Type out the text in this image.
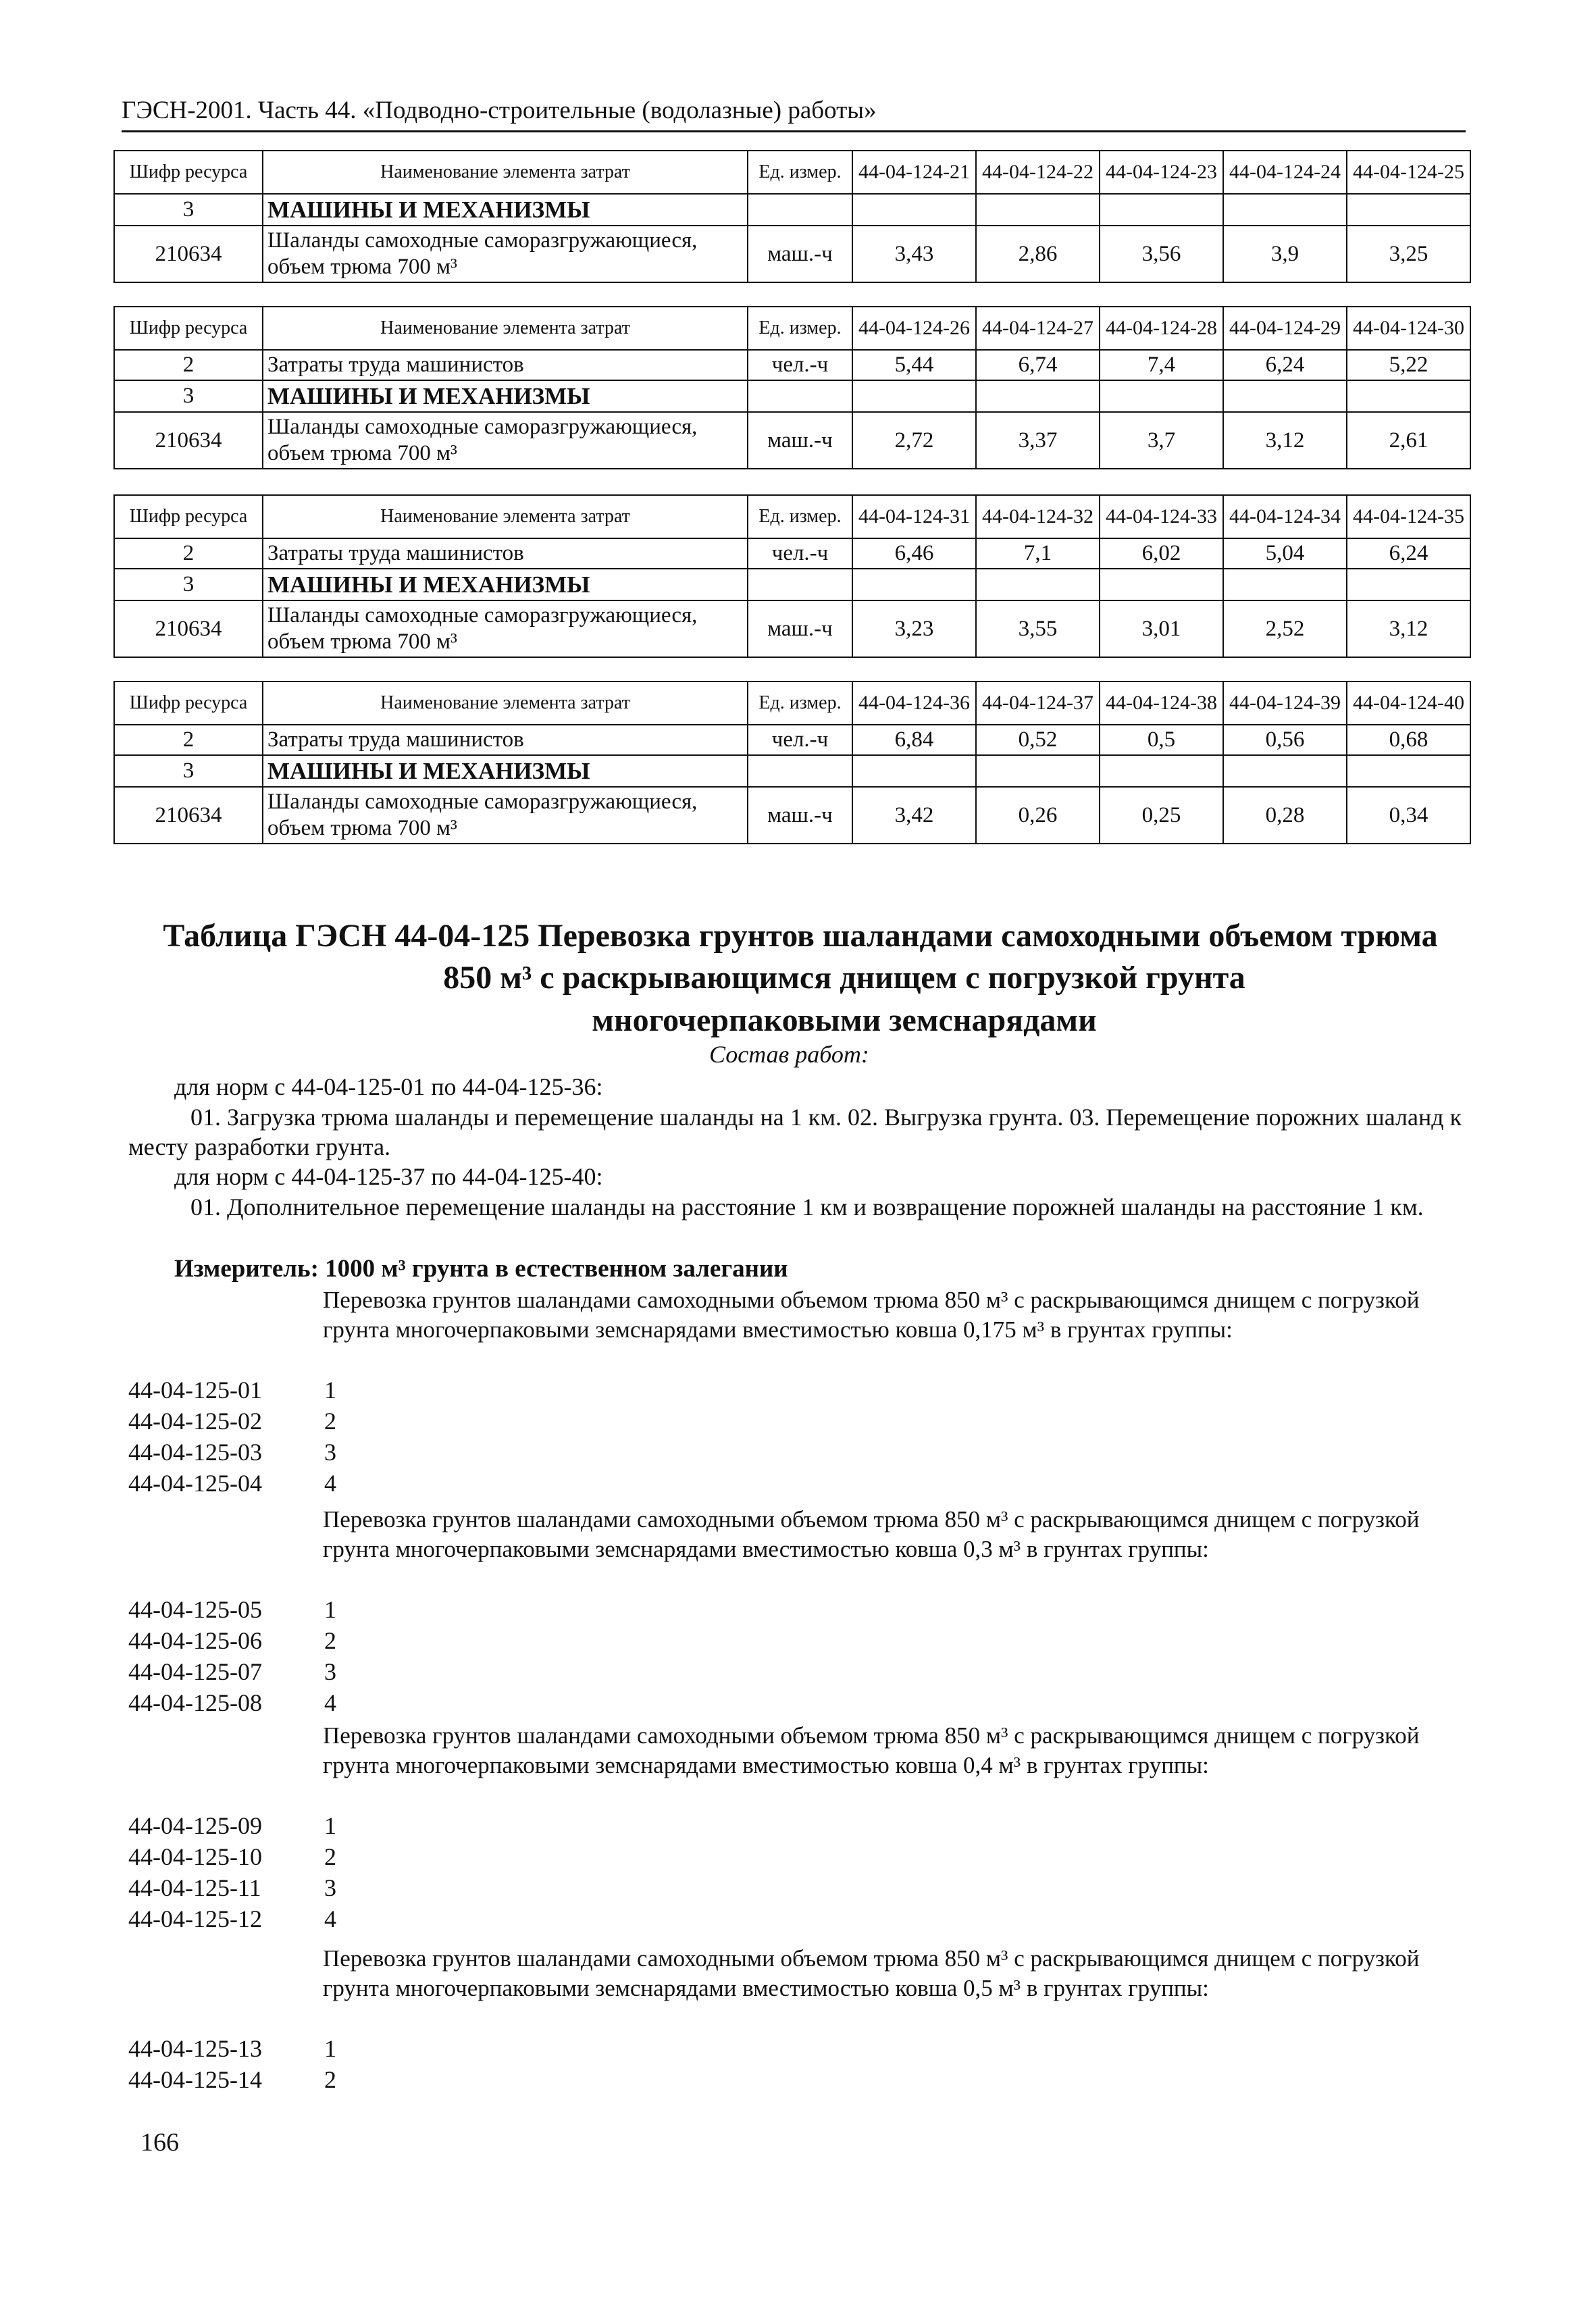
ГЭСН-2001. Часть 44. «Подводно-строительные (водолазные) работы»
Шифр ресурса	Наименование элемента затрат	Ед. измер.	44-04-124-21	44-04-124-22	44-04-124-23	44-04-124-24	44-04-124-25
3	МАШИНЫ И МЕХАНИЗМЫ						
210634	Шаланды самоходные саморазгружающиеся, объем трюма 700 м³	маш.-ч	3,43	2,86	3,56	3,9	3,25
Шифр ресурса	Наименование элемента затрат	Ед. измер.	44-04-124-26	44-04-124-27	44-04-124-28	44-04-124-29	44-04-124-30
2	Затраты труда машинистов	чел.-ч	5,44	6,74	7,4	6,24	5,22
3	МАШИНЫ И МЕХАНИЗМЫ						
210634	Шаланды самоходные саморазгружающиеся, объем трюма 700 м³	маш.-ч	2,72	3,37	3,7	3,12	2,61
Шифр ресурса	Наименование элемента затрат	Ед. измер.	44-04-124-31	44-04-124-32	44-04-124-33	44-04-124-34	44-04-124-35
2	Затраты труда машинистов	чел.-ч	6,46	7,1	6,02	5,04	6,24
3	МАШИНЫ И МЕХАНИЗМЫ						
210634	Шаланды самоходные саморазгружающиеся, объем трюма 700 м³	маш.-ч	3,23	3,55	3,01	2,52	3,12
Шифр ресурса	Наименование элемента затрат	Ед. измер.	44-04-124-36	44-04-124-37	44-04-124-38	44-04-124-39	44-04-124-40
2	Затраты труда машинистов	чел.-ч	6,84	0,52	0,5	0,56	0,68
3	МАШИНЫ И МЕХАНИЗМЫ						
210634	Шаланды самоходные саморазгружающиеся, объем трюма 700 м³	маш.-ч	3,42	0,26	0,25	0,28	0,34
Таблица ГЭСН 44-04-125 Перевозка грунтов шаландами самоходными объемом трюма
850 м³ с раскрывающимся днищем с погрузкой грунта
многочерпаковыми земснарядами
Состав работ:
для норм с 44-04-125-01 по 44-04-125-36:
01. Загрузка трюма шаланды и перемещение шаланды на 1 км. 02. Выгрузка грунта. 03. Перемещение порожних шаланд к месту разработки грунта.
для норм с 44-04-125-37 по 44-04-125-40:
01. Дополнительное перемещение шаланды на расстояние 1 км и возвращение порожней шаланды на расстояние 1 км.
Измеритель: 1000 м³ грунта в естественном залегании
Перевозка грунтов шаландами самоходными объемом трюма 850 м³ с раскрывающимся днищем с погрузкой грунта многочерпаковыми земснарядами вместимостью ковша 0,175 м³ в грунтах группы:
44-04-125-01	1
44-04-125-02	2
44-04-125-03	3
44-04-125-04	4
Перевозка грунтов шаландами самоходными объемом трюма 850 м³ с раскрывающимся днищем с погрузкой грунта многочерпаковыми земснарядами вместимостью ковша 0,3 м³ в грунтах группы:
44-04-125-05	1
44-04-125-06	2
44-04-125-07	3
44-04-125-08	4
Перевозка грунтов шаландами самоходными объемом трюма 850 м³ с раскрывающимся днищем с погрузкой грунта многочерпаковыми земснарядами вместимостью ковша 0,4 м³ в грунтах группы:
44-04-125-09	1
44-04-125-10	2
44-04-125-11	3
44-04-125-12	4
Перевозка грунтов шаландами самоходными объемом трюма 850 м³ с раскрывающимся днищем с погрузкой грунта многочерпаковыми земснарядами вместимостью ковша 0,5 м³ в грунтах группы:
44-04-125-13	1
44-04-125-14	2
166
